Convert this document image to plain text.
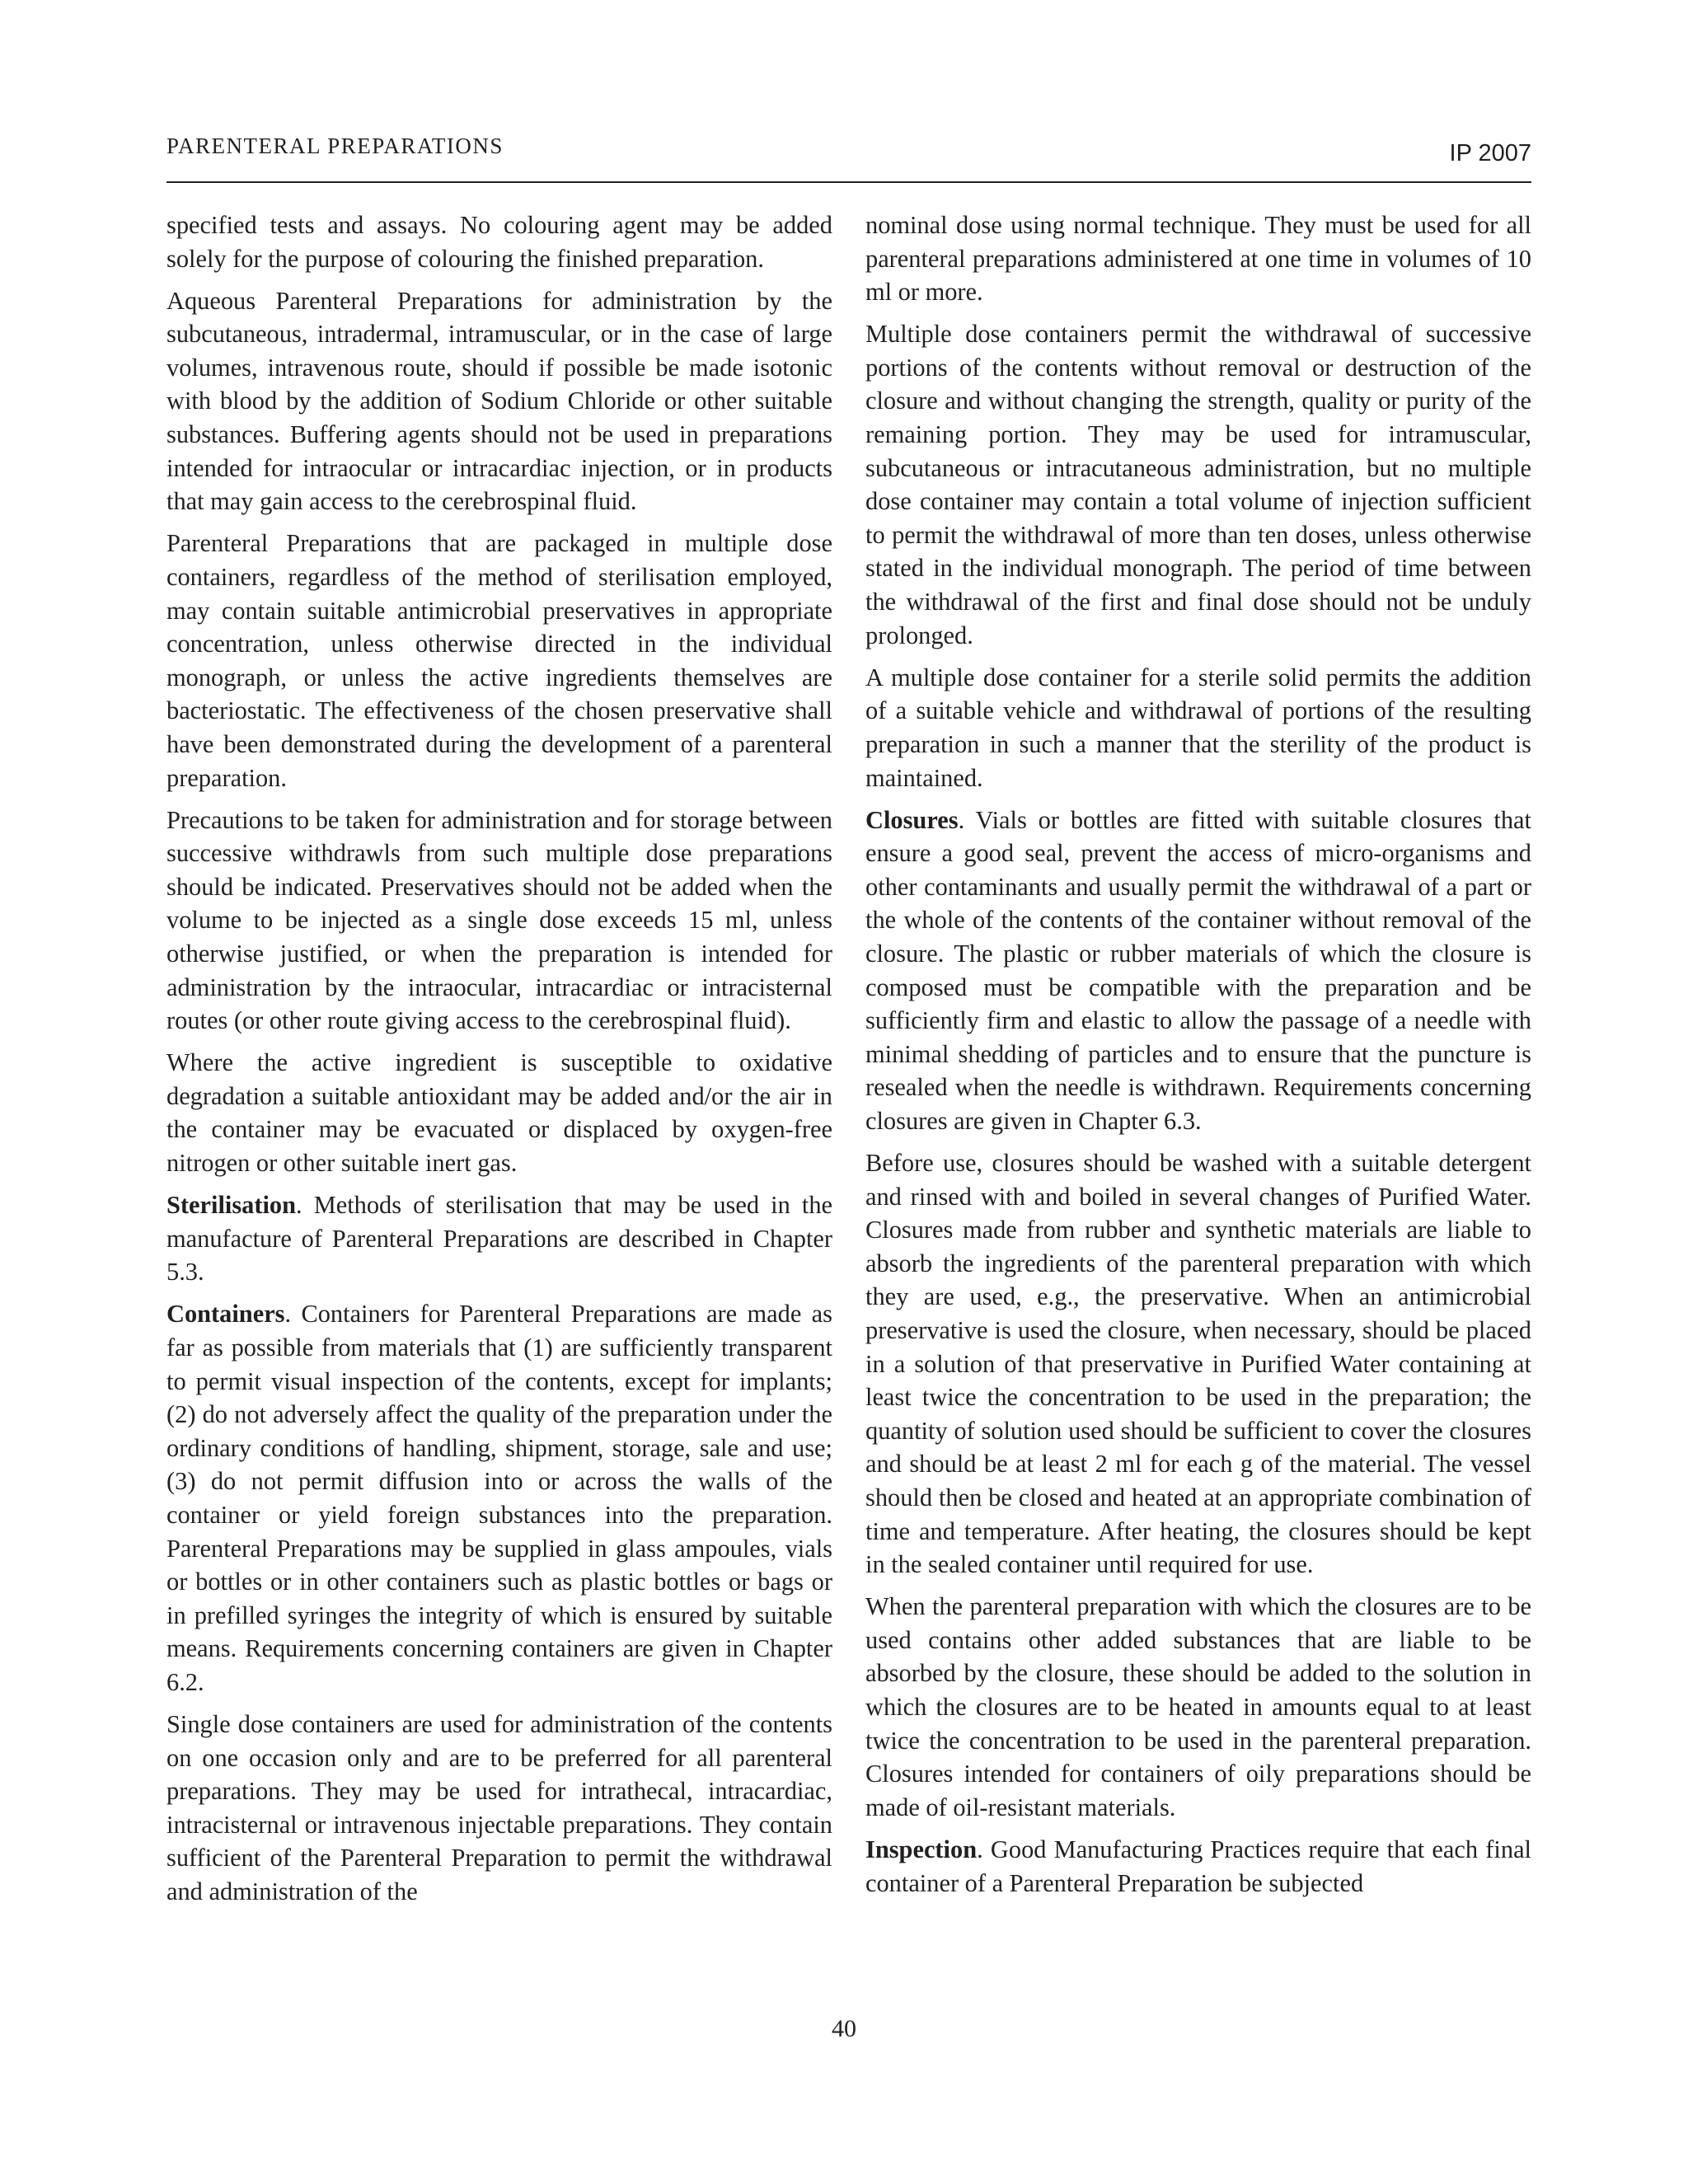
PARENTERAL PREPARATIONS	IP 2007

specified tests and assays. No colouring agent may be added solely for the purpose of colouring the finished preparation.

Aqueous Parenteral Preparations for administration by the subcutaneous, intradermal, intramuscular, or in the case of large volumes, intravenous route, should if possible be made isotonic with blood by the addition of Sodium Chloride or other suitable substances. Buffering agents should not be used in preparations intended for intraocular or intracardiac injection, or in products that may gain access to the cerebrospinal fluid.

Parenteral Preparations that are packaged in multiple dose containers, regardless of the method of sterilisation employed, may contain suitable antimicrobial preservatives in appropriate concentration, unless otherwise directed in the individual monograph, or unless the active ingredients themselves are bacteriostatic. The effectiveness of the chosen preservative shall have been demonstrated during the development of a parenteral preparation.

Precautions to be taken for administration and for storage between successive withdrawls from such multiple dose preparations should be indicated. Preservatives should not be added when the volume to be injected as a single dose exceeds 15 ml, unless otherwise justified, or when the preparation is intended for administration by the intraocular, intracardiac or intracisternal routes (or other route giving access to the cerebrospinal fluid).

Where the active ingredient is susceptible to oxidative degradation a suitable antioxidant may be added and/or the air in the container may be evacuated or displaced by oxygen-free nitrogen or other suitable inert gas.

Sterilisation. Methods of sterilisation that may be used in the manufacture of Parenteral Preparations are described in Chapter 5.3.

Containers. Containers for Parenteral Preparations are made as far as possible from materials that (1) are sufficiently transparent to permit visual inspection of the contents, except for implants; (2) do not adversely affect the quality of the preparation under the ordinary conditions of handling, shipment, storage, sale and use; (3) do not permit diffusion into or across the walls of the container or yield foreign substances into the preparation. Parenteral Preparations may be supplied in glass ampoules, vials or bottles or in other containers such as plastic bottles or bags or in prefilled syringes the integrity of which is ensured by suitable means. Requirements concerning containers are given in Chapter 6.2.

Single dose containers are used for administration of the contents on one occasion only and are to be preferred for all parenteral preparations. They may be used for intrathecal, intracardiac, intracisternal or intravenous injectable preparations. They contain sufficient of the Parenteral Preparation to permit the withdrawal and administration of the

nominal dose using normal technique. They must be used for all parenteral preparations administered at one time in volumes of 10 ml or more.

Multiple dose containers permit the withdrawal of successive portions of the contents without removal or destruction of the closure and without changing the strength, quality or purity of the remaining portion. They may be used for intramuscular, subcutaneous or intracutaneous administration, but no multiple dose container may contain a total volume of injection sufficient to permit the withdrawal of more than ten doses, unless otherwise stated in the individual monograph. The period of time between the withdrawal of the first and final dose should not be unduly prolonged.

A multiple dose container for a sterile solid permits the addition of a suitable vehicle and withdrawal of portions of the resulting preparation in such a manner that the sterility of the product is maintained.

Closures. Vials or bottles are fitted with suitable closures that ensure a good seal, prevent the access of micro-organisms and other contaminants and usually permit the withdrawal of a part or the whole of the contents of the container without removal of the closure. The plastic or rubber materials of which the closure is composed must be compatible with the preparation and be sufficiently firm and elastic to allow the passage of a needle with minimal shedding of particles and to ensure that the puncture is resealed when the needle is withdrawn. Requirements concerning closures are given in Chapter 6.3.

Before use, closures should be washed with a suitable detergent and rinsed with and boiled in several changes of Purified Water. Closures made from rubber and synthetic materials are liable to absorb the ingredients of the parenteral preparation with which they are used, e.g., the preservative. When an antimicrobial preservative is used the closure, when necessary, should be placed in a solution of that preservative in Purified Water containing at least twice the concentration to be used in the preparation; the quantity of solution used should be sufficient to cover the closures and should be at least 2 ml for each g of the material. The vessel should then be closed and heated at an appropriate combination of time and temperature. After heating, the closures should be kept in the sealed container until required for use.

When the parenteral preparation with which the closures are to be used contains other added substances that are liable to be absorbed by the closure, these should be added to the solution in which the closures are to be heated in amounts equal to at least twice the concentration to be used in the parenteral preparation. Closures intended for containers of oily preparations should be made of oil-resistant materials.

Inspection. Good Manufacturing Practices require that each final container of a Parenteral Preparation be subjected

40
